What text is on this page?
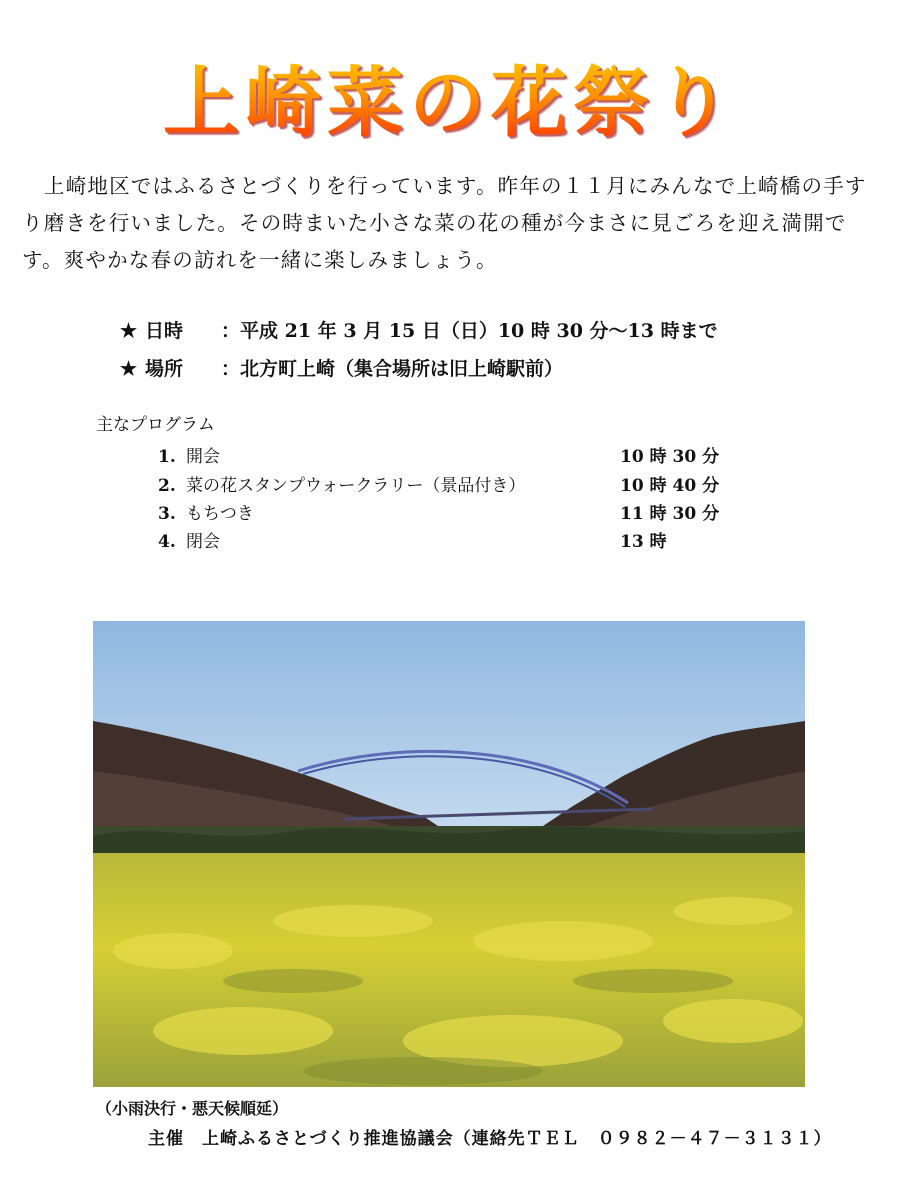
上崎菜の花祭り

上崎地区ではふるさとづくりを行っています。昨年の１１月にみんなで上崎橋の手すり磨きを行いました。その時まいた小さな菜の花の種が今まさに見ごろを迎え満開です。爽やかな春の訪れを一緒に楽しみましょう。

★ 日時 ：平成 21 年 3 月 15 日（日）10 時 30 分～13 時まで
★ 場所 ：北方町上崎（集合場所は旧上崎駅前）
主なプログラム
1. 開会	10 時 30 分
2. 菜の花スタンプウォークラリー（景品付き）	10 時 40 分
3. もちつき	11 時 30 分
4. 閉会	13 時
（小雨決行・悪天候順延）
主催　上崎ふるさとづくり推進協議会（連絡先ＴＥＬ　０９８２－４７－３１３１）
